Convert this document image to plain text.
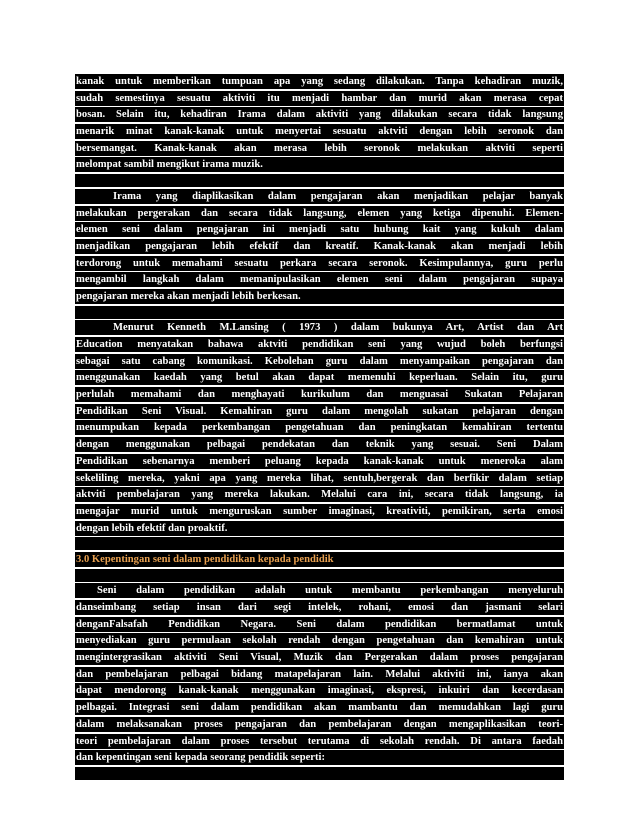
kanak untuk memberikan tumpuan apa yang sedang dilakukan. Tanpa kehadiran muzik,
sudah semestinya sesuatu aktiviti itu menjadi hambar dan murid akan merasa cepat
bosan. Selain itu, kehadiran Irama dalam aktiviti yang dilakukan secara tidak langsung
menarik minat kanak-kanak untuk menyertai sesuatu aktviti dengan lebih seronok dan
bersemangat. Kanak-kanak akan merasa lebih seronok melakukan aktviti seperti
melompat sambil mengikut irama muzik.
Irama yang diaplikasikan dalam pengajaran akan menjadikan pelajar banyak
melakukan pergerakan dan secara tidak langsung, elemen yang ketiga dipenuhi. Elemen-
elemen seni dalam pengajaran ini menjadi satu hubung kait yang kukuh dalam
menjadikan pengajaran lebih efektif dan kreatif. Kanak-kanak akan menjadi lebih
terdorong untuk memahami sesuatu perkara secara seronok. Kesimpulannya, guru perlu
mengambil langkah dalam memanipulasikan elemen seni dalam pengajaran supaya
pengajaran mereka akan menjadi lebih berkesan.
Menurut Kenneth M.Lansing ( 1973 ) dalam bukunya Art, Artist dan Art
Education menyatakan bahawa aktviti pendidikan seni yang wujud boleh berfungsi
sebagai satu cabang komunikasi. Kebolehan guru dalam menyampaikan pengajaran dan
menggunakan kaedah yang betul akan dapat memenuhi keperluan. Selain itu, guru
perlulah memahami dan menghayati kurikulum dan menguasai Sukatan Pelajaran
Pendidikan Seni Visual. Kemahiran guru dalam mengolah sukatan pelajaran dengan
menumpukan kepada perkembangan pengetahuan dan peningkatan kemahiran tertentu
dengan menggunakan pelbagai pendekatan dan teknik yang sesuai. Seni Dalam
Pendidikan sebenarnya memberi peluang kepada kanak-kanak untuk meneroka alam
sekeliling mereka, yakni apa yang mereka lihat, sentuh,bergerak dan berfikir dalam setiap
aktviti pembelajaran yang mereka lakukan. Melalui cara ini, secara tidak langsung, ia
mengajar murid untuk menguruskan sumber imaginasi, kreativiti, pemikiran, serta emosi
dengan lebih efektif dan proaktif.
3.0 Kepentingan seni dalam pendidikan kepada pendidik
Seni dalam pendidikan adalah untuk membantu perkembangan menyeluruh
danseimbang setiap insan dari segi intelek, rohani, emosi dan jasmani selari
denganFalsafah Pendidikan Negara. Seni dalam pendidikan bermatlamat untuk
menyediakan guru permulaan sekolah rendah dengan pengetahuan dan kemahiran untuk
mengintergrasikan aktiviti Seni Visual, Muzik dan Pergerakan dalam proses pengajaran
dan pembelajaran pelbagai bidang matapelajaran lain. Melalui aktiviti ini, ianya akan
dapat mendorong kanak-kanak menggunakan imaginasi, ekspresi, inkuiri dan kecerdasan
pelbagai. Integrasi seni dalam pendidikan akan mambantu dan memudahkan lagi guru
dalam melaksanakan proses pengajaran dan pembelajaran dengan mengaplikasikan teori-
teori pembelajaran dalam proses tersebut terutama di sekolah rendah. Di antara faedah
dan kepentingan seni kepada seorang pendidik seperti:
